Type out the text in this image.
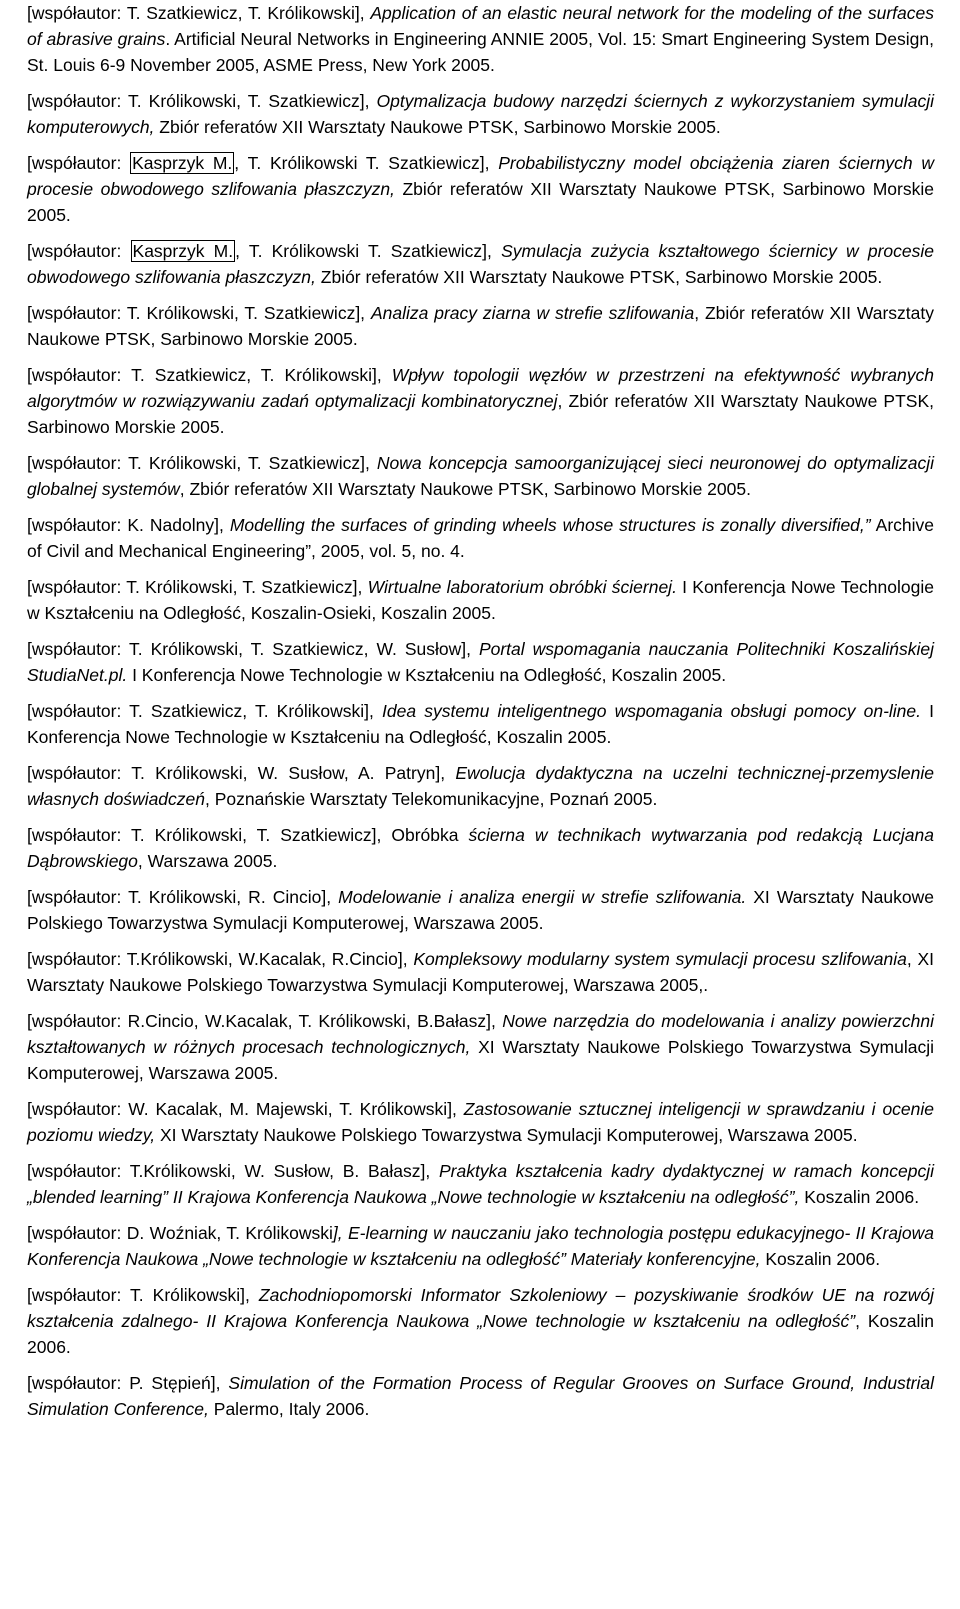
[współautor: T. Szatkiewicz, T. Królikowski], Application of an elastic neural network for the modeling of the surfaces of abrasive grains. Artificial Neural Networks in Engineering ANNIE 2005, Vol. 15: Smart Engineering System Design, St. Louis 6-9 November 2005, ASME Press, New York 2005.

[współautor: T. Królikowski, T. Szatkiewicz], Optymalizacja budowy narzędzi ściernych z wykorzystaniem symulacji komputerowych, Zbiór referatów XII Warsztaty Naukowe PTSK, Sarbinowo Morskie 2005.

[współautor: Kasprzyk M. , T. Królikowski T. Szatkiewicz], Probabilistyczny model obciążenia ziaren ściernych w procesie obwodowego szlifowania płaszczyzn, Zbiór referatów XII Warsztaty Naukowe PTSK, Sarbinowo Morskie 2005.

[współautor: Kasprzyk M. , T. Królikowski T. Szatkiewicz], Symulacja zużycia kształtowego ściernicy w procesie obwodowego szlifowania płaszczyzn, Zbiór referatów XII Warsztaty Naukowe PTSK, Sarbinowo Morskie 2005.

[współautor: T. Królikowski, T. Szatkiewicz], Analiza pracy ziarna w strefie szlifowania, Zbiór referatów XII Warsztaty Naukowe PTSK, Sarbinowo Morskie 2005.

[współautor: T. Szatkiewicz, T. Królikowski], Wpływ topologii węzłów w przestrzeni na efektywność wybranych algorytmów w rozwiązywaniu zadań optymalizacji kombinatorycznej, Zbiór referatów XII Warsztaty Naukowe PTSK, Sarbinowo Morskie 2005.

[współautor: T. Królikowski, T. Szatkiewicz], Nowa koncepcja samoorganizującej sieci neuronowej do optymalizacji globalnej systemów, Zbiór referatów XII Warsztaty Naukowe PTSK, Sarbinowo Morskie 2005.

[współautor: K. Nadolny], Modelling the surfaces of grinding wheels whose structures is zonally diversified,” Archive of Civil and Mechanical Engineering”, 2005, vol. 5, no. 4.

[współautor: T. Królikowski, T. Szatkiewicz], Wirtualne laboratorium obróbki ściernej. I Konferencja Nowe Technologie w Kształceniu na Odległość, Koszalin-Osieki, Koszalin 2005.

[współautor: T. Królikowski, T. Szatkiewicz, W. Susłow], Portal wspomagania nauczania Politechniki Koszalińskiej StudiaNet.pl. I Konferencja Nowe Technologie w Kształceniu na Odległość, Koszalin 2005.

[współautor: T. Szatkiewicz, T. Królikowski], Idea systemu inteligentnego wspomagania obsługi pomocy on-line. I Konferencja Nowe Technologie w Kształceniu na Odległość, Koszalin 2005.

[współautor: T. Królikowski, W. Susłow, A. Patryn], Ewolucja dydaktyczna na uczelni technicznej-przemyslenie własnych doświadczeń, Poznańskie Warsztaty Telekomunikacyjne, Poznań 2005.

[współautor: T. Królikowski, T. Szatkiewicz], Obróbka ścierna w technikach wytwarzania pod redakcją Lucjana Dąbrowskiego, Warszawa 2005.

[współautor: T. Królikowski, R. Cincio], Modelowanie i analiza energii w strefie szlifowania. XI Warsztaty Naukowe Polskiego Towarzystwa Symulacji Komputerowej, Warszawa 2005.

[współautor: T.Królikowski, W.Kacalak, R.Cincio], Kompleksowy modularny system symulacji procesu szlifowania, XI Warsztaty Naukowe Polskiego Towarzystwa Symulacji Komputerowej, Warszawa 2005,.

[współautor: R.Cincio, W.Kacalak, T. Królikowski, B.Bałasz], Nowe narzędzia do modelowania i analizy powierzchni kształtowanych w różnych procesach technologicznych, XI Warsztaty Naukowe Polskiego Towarzystwa Symulacji Komputerowej, Warszawa 2005.

[współautor: W. Kacalak, M. Majewski, T. Królikowski], Zastosowanie sztucznej inteligencji w sprawdzaniu i ocenie poziomu wiedzy, XI Warsztaty Naukowe Polskiego Towarzystwa Symulacji Komputerowej, Warszawa 2005.

[współautor: T.Królikowski, W. Susłow, B. Bałasz], Praktyka kształcenia kadry dydaktycznej w ramach koncepcji „blended learning” II Krajowa Konferencja Naukowa „Nowe technologie w kształceniu na odległość”, Koszalin 2006.

[współautor: D. Woźniak, T. Królikowski], E-learning w nauczaniu jako technologia postępu edukacyjnego- II Krajowa Konferencja Naukowa „Nowe technologie w kształceniu na odległość” Materiały konferencyjne, Koszalin 2006.

[współautor: T. Królikowski], Zachodniopomorski Informator Szkoleniowy – pozyskiwanie środków UE na rozwój kształcenia zdalnego- II Krajowa Konferencja Naukowa „Nowe technologie w kształceniu na odległość”, Koszalin 2006.

[współautor: P. Stępień], Simulation of the Formation Process of Regular Grooves on Surface Ground, Industrial Simulation Conference, Palermo, Italy 2006.
